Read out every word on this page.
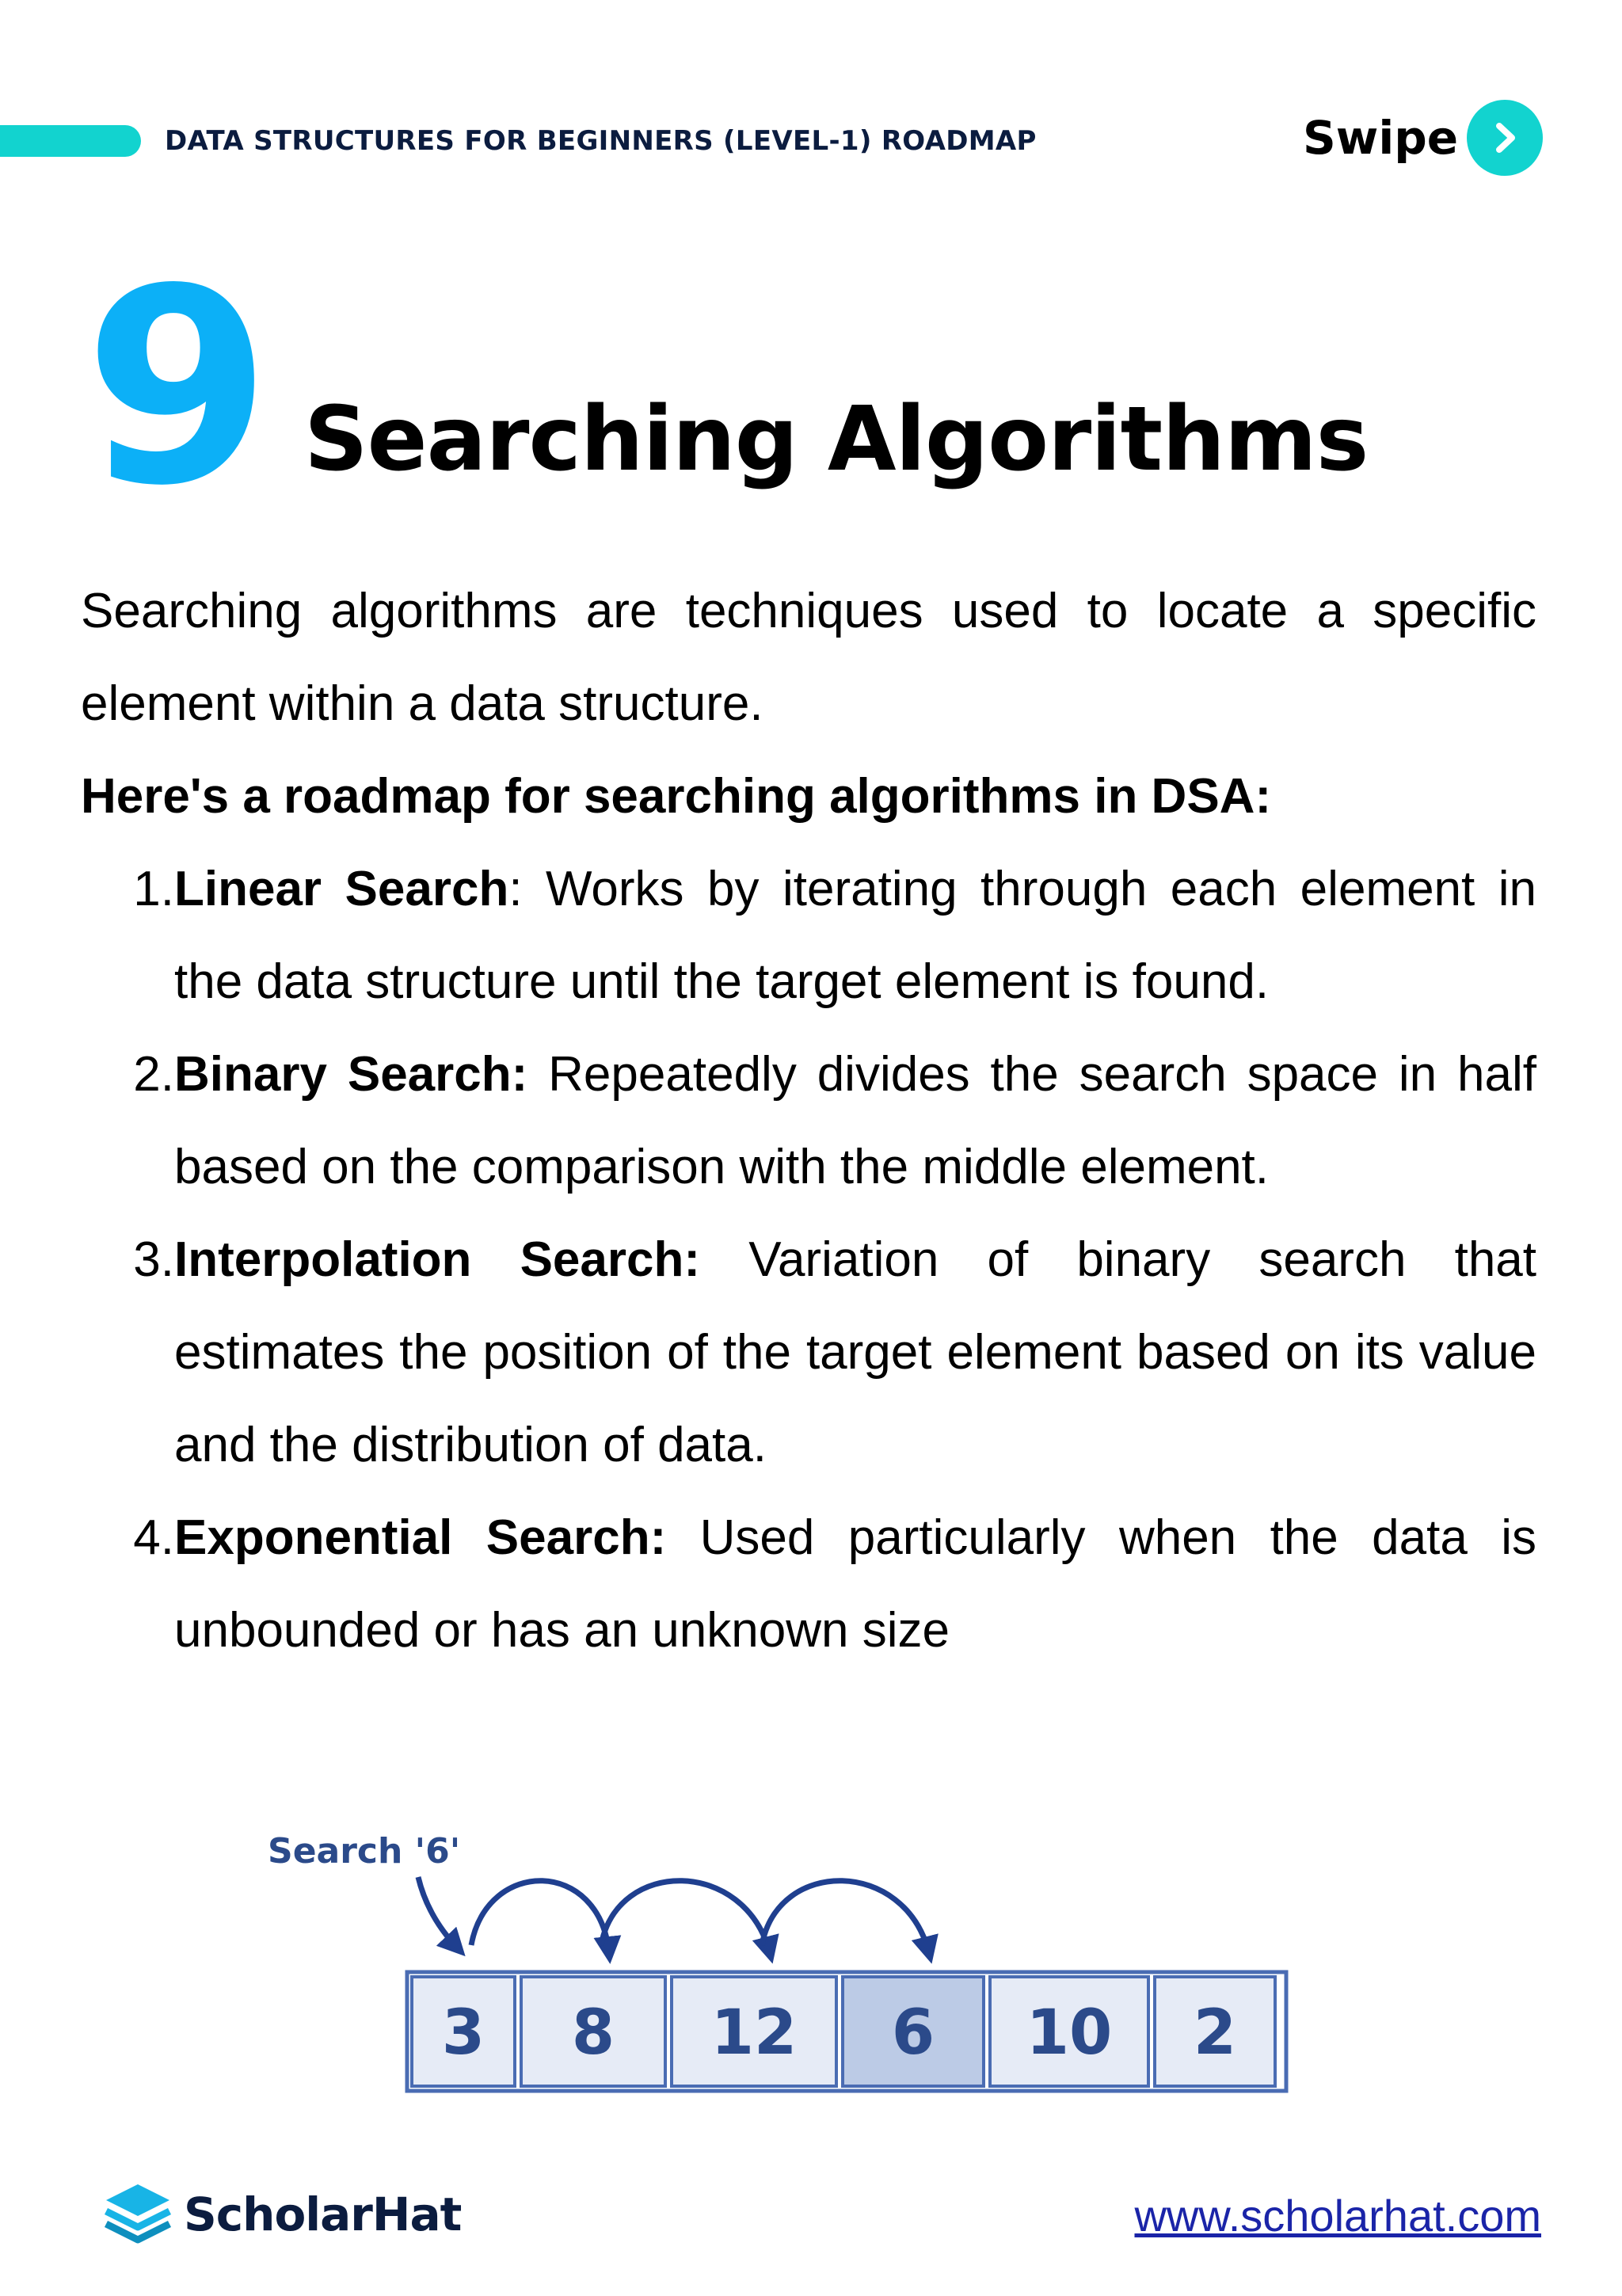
DATA STRUCTURES FOR BEGINNERS (LEVEL-1) ROADMAP	Swipe
9 Searching Algorithms

Searching algorithms are techniques used to locate a specific element within a data structure.

Here's a roadmap for searching algorithms in DSA:

1. Linear Search: Works by iterating through each element in the data structure until the target element is found.
2. Binary Search: Repeatedly divides the search space in half based on the comparison with the middle element.
3. Interpolation Search: Variation of binary search that estimates the position of the target element based on its value and the distribution of data.
4. Exponential Search: Used particularly when the data is unbounded or has an unknown size
Search '6'
3 8 12 6 10 2
ScholarHat	www.scholarhat.com
